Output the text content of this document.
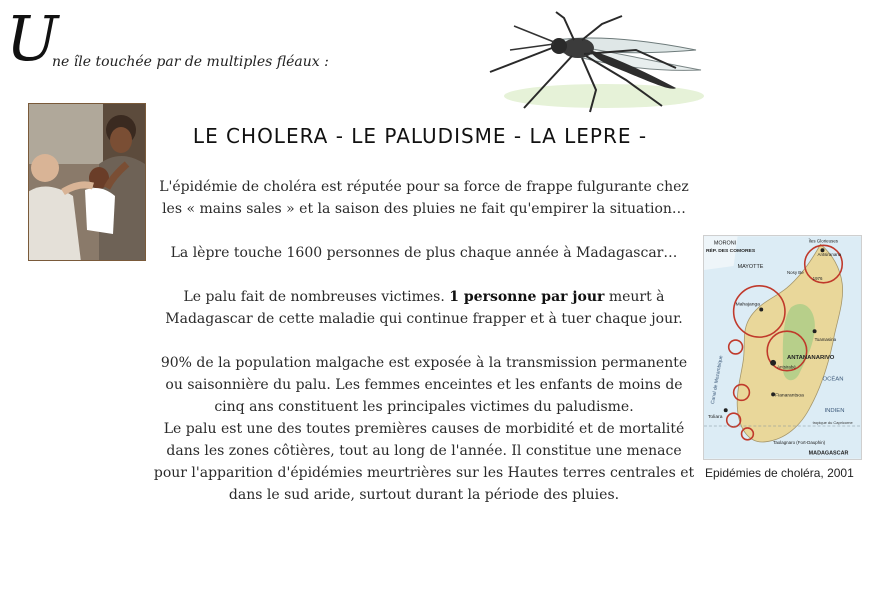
U
ne île touchée par de multiples fléaux :
LE CHOLERA - LE PALUDISME - LA LEPRE -

L'épidémie de choléra est réputée pour sa force de frappe fulgurante chez les « mains sales » et la saison des pluies ne fait qu'empirer la situation…

La lèpre touche 1600 personnes de plus chaque année à Madagascar…

Le palu fait de nombreuses victimes. 1 personne par jour meurt à Madagascar de cette maladie qui continue frapper et à tuer chaque jour.

90% de la population malgache est exposée à la transmission permanente ou saisonnière du palu. Les femmes enceintes et les enfants de moins de cinq ans constituent les principales victimes du paludisme.

Le palu est une des toutes premières causes de morbidité et de mortalité dans les zones côtières, tout au long de l'année. Il constitue une menace pour l'apparition d'épidémies meurtrières sur les Hautes terres centrales et dans le sud aride, surtout durant la période des pluies.

MORONI
RÉP. DES COMORES
MAYOTTE
Îles Glorieuses
Antsiranana
Nosy Be
1976
Mahajanga
Toamasina
ANTANANARIVO
Antsirabé
Fianarantsoa
OCÉAN
INDIEN
Canal de Mozambique
Toliara
tropique du Capricorne
Taolagnaro (Fort-Dauphin)
MADAGASCAR
Epidémies de choléra, 2001
